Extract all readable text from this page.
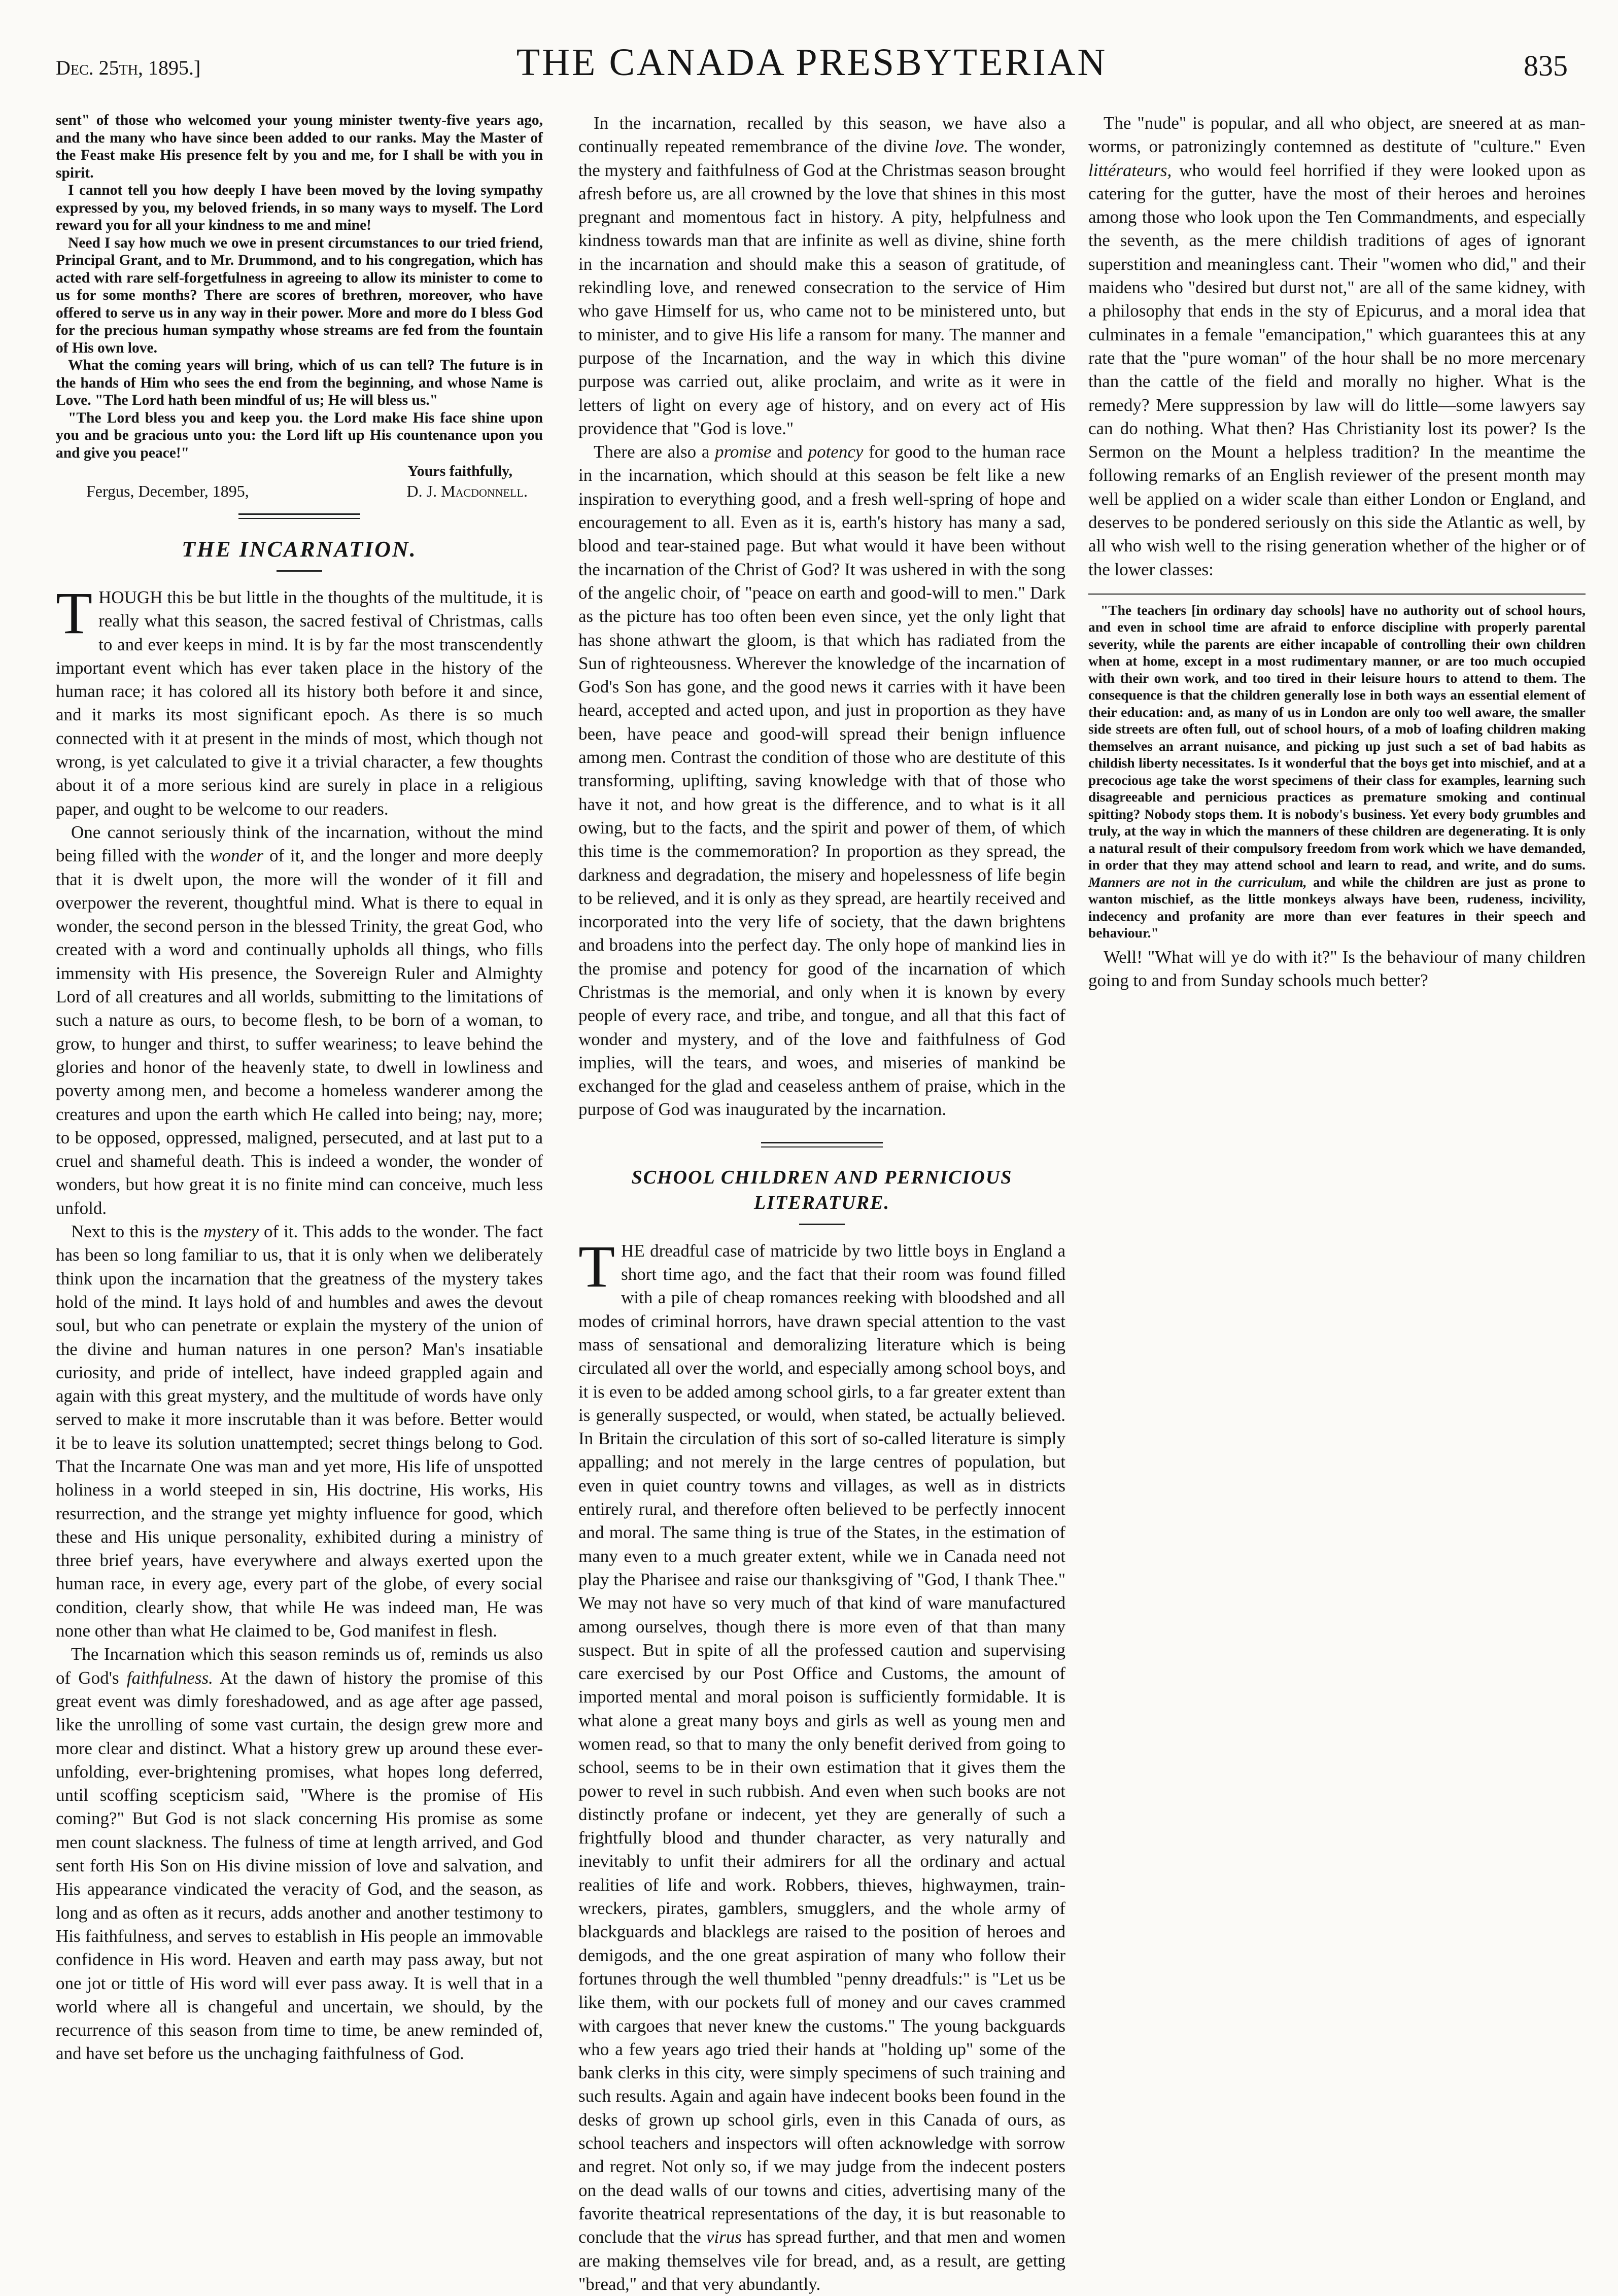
Dec. 25th, 1895.]	THE CANADA PRESBYTERIAN	835

sent" of those who welcomed your young minister twenty-five years ago, and the many who have since been added to our ranks. May the Master of the Feast make His presence felt by you and me, for I shall be with you in spirit.

I cannot tell you how deeply I have been moved by the loving sympathy expressed by you, my beloved friends, in so many ways to myself. The Lord reward you for all your kindness to me and mine!

Need I say how much we owe in present circumstances to our tried friend, Principal Grant, and to Mr. Drummond, and to his congregation, which has acted with rare self-forgetfulness in agreeing to allow its minister to come to us for some months? There are scores of brethren, moreover, who have offered to serve us in any way in their power. More and more do I bless God for the precious human sympathy whose streams are fed from the fountain of His own love.

What the coming years will bring, which of us can tell? The future is in the hands of Him who sees the end from the beginning, and whose Name is Love. "The Lord hath been mindful of us; He will bless us."

"The Lord bless you and keep you. the Lord make His face shine upon you and be gracious unto you: the Lord lift up His countenance upon you and give you peace!"

Yours faithfully,
Fergus, December, 1895,	D. J. Macdonnell.
THE INCARNATION.
THOUGH this be but little in the thoughts of the multitude, it is really what this season, the sacred festival of Christmas, calls to and ever keeps in mind. It is by far the most transcendently important event which has ever taken place in the history of the human race; it has colored all its history both before it and since, and it marks its most significant epoch. As there is so much connected with it at present in the minds of most, which though not wrong, is yet calculated to give it a trivial character, a few thoughts about it of a more serious kind are surely in place in a religious paper, and ought to be welcome to our readers.

One cannot seriously think of the incarnation, without the mind being filled with the wonder of it, and the longer and more deeply that it is dwelt upon, the more will the wonder of it fill and overpower the reverent, thoughtful mind. What is there to equal in wonder, the second person in the blessed Trinity, the great God, who created with a word and continually upholds all things, who fills immensity with His presence, the Sovereign Ruler and Almighty Lord of all creatures and all worlds, submitting to the limitations of such a nature as ours, to become flesh, to be born of a woman, to grow, to hunger and thirst, to suffer weariness; to leave behind the glories and honor of the heavenly state, to dwell in lowliness and poverty among men, and become a homeless wanderer among the creatures and upon the earth which He called into being; nay, more; to be opposed, oppressed, maligned, persecuted, and at last put to a cruel and shameful death. This is indeed a wonder, the wonder of wonders, but how great it is no finite mind can conceive, much less unfold.

Next to this is the mystery of it. This adds to the wonder. The fact has been so long familiar to us, that it is only when we deliberately think upon the incarnation that the greatness of the mystery takes hold of the mind. It lays hold of and humbles and awes the devout soul, but who can penetrate or explain the mystery of the union of the divine and human natures in one person? Man's insatiable curiosity, and pride of intellect, have indeed grappled again and again with this great mystery, and the multitude of words have only served to make it more inscrutable than it was before. Better would it be to leave its solution unattempted; secret things belong to God. That the Incarnate One was man and yet more, His life of unspotted holiness in a world steeped in sin, His doctrine, His works, His resurrection, and the strange yet mighty influence for good, which these and His unique personality, exhibited during a ministry of three brief years, have everywhere and always exerted upon the human race, in every age, every part of the globe, of every social condition, clearly show, that while He was indeed man, He was none other than what He claimed to be, God manifest in flesh.

The Incarnation which this season reminds us of, reminds us also of God's faithfulness. At the dawn of history the promise of this great event was dimly foreshadowed, and as age after age passed, like the unrolling of some vast curtain, the design grew more and more clear and distinct. What a history grew up around these ever-unfolding, ever-brightening promises, what hopes long deferred, until scoffing scepticism said, "Where is the promise of His coming?" But God is not slack concerning His promise as some men count slackness. The fulness of time at length arrived, and God sent forth His Son on His divine mission of love and salvation, and His appearance vindicated the veracity of God, and the season, as long and as often as it recurs, adds another and another testimony to His faithfulness, and serves to establish in His people an immovable confidence in His word. Heaven and earth may pass away, but not one jot or tittle of His word will ever pass away. It is well that in a world where all is changeful and uncertain, we should, by the recurrence of this season from time to time, be anew reminded of, and have set before us the unchaging faithfulness of God.

In the incarnation, recalled by this season, we have also a continually repeated remembrance of the divine love. The wonder, the mystery and faithfulness of God at the Christmas season brought afresh before us, are all crowned by the love that shines in this most pregnant and momentous fact in history. A pity, helpfulness and kindness towards man that are infinite as well as divine, shine forth in the incarnation and should make this a season of gratitude, of rekindling love, and renewed consecration to the service of Him who gave Himself for us, who came not to be ministered unto, but to minister, and to give His life a ransom for many. The manner and purpose of the Incarnation, and the way in which this divine purpose was carried out, alike proclaim, and write as it were in letters of light on every age of history, and on every act of His providence that "God is love."

There are also a promise and potency for good to the human race in the incarnation, which should at this season be felt like a new inspiration to everything good, and a fresh well-spring of hope and encouragement to all. Even as it is, earth's history has many a sad, blood and tear-stained page. But what would it have been without the incarnation of the Christ of God? It was ushered in with the song of the angelic choir, of "peace on earth and good-will to men." Dark as the picture has too often been even since, yet the only light that has shone athwart the gloom, is that which has radiated from the Sun of righteousness. Wherever the knowledge of the incarnation of God's Son has gone, and the good news it carries with it have been heard, accepted and acted upon, and just in proportion as they have been, have peace and good-will spread their benign influence among men. Contrast the condition of those who are destitute of this transforming, uplifting, saving knowledge with that of those who have it not, and how great is the difference, and to what is it all owing, but to the facts, and the spirit and power of them, of which this time is the commemoration? In proportion as they spread, the darkness and degradation, the misery and hopelessness of life begin to be relieved, and it is only as they spread, are heartily received and incorporated into the very life of society, that the dawn brightens and broadens into the perfect day. The only hope of mankind lies in the promise and potency for good of the incarnation of which Christmas is the memorial, and only when it is known by every people of every race, and tribe, and tongue, and all that this fact of wonder and mystery, and of the love and faithfulness of God implies, will the tears, and woes, and miseries of mankind be exchanged for the glad and ceaseless anthem of praise, which in the purpose of God was inaugurated by the incarnation.

SCHOOL CHILDREN AND PERNICIOUS LITERATURE.
THE dreadful case of matricide by two little boys in England a short time ago, and the fact that their room was found filled with a pile of cheap romances reeking with bloodshed and all modes of criminal horrors, have drawn special attention to the vast mass of sensational and demoralizing literature which is being circulated all over the world, and especially among school boys, and it is even to be added among school girls, to a far greater extent than is generally suspected, or would, when stated, be actually believed. In Britain the circulation of this sort of so-called literature is simply appalling; and not merely in the large centres of population, but even in quiet country towns and villages, as well as in districts entirely rural, and therefore often believed to be perfectly innocent and moral. The same thing is true of the States, in the estimation of many even to a much greater extent, while we in Canada need not play the Pharisee and raise our thanksgiving of "God, I thank Thee." We may not have so very much of that kind of ware manufactured among ourselves, though there is more even of that than many suspect. But in spite of all the professed caution and supervising care exercised by our Post Office and Customs, the amount of imported mental and moral poison is sufficiently formidable. It is what alone a great many boys and girls as well as young men and women read, so that to many the only benefit derived from going to school, seems to be in their own estimation that it gives them the power to revel in such rubbish. And even when such books are not distinctly profane or indecent, yet they are generally of such a frightfully blood and thunder character, as very naturally and inevitably to unfit their admirers for all the ordinary and actual realities of life and work. Robbers, thieves, highwaymen, train-wreckers, pirates, gamblers, smugglers, and the whole army of blackguards and blacklegs are raised to the position of heroes and demigods, and the one great aspiration of many who follow their fortunes through the well thumbled "penny dreadfuls:" is "Let us be like them, with our pockets full of money and our caves crammed with cargoes that never knew the customs." The young backguards who a few years ago tried their hands at "holding up" some of the bank clerks in this city, were simply specimens of such training and such results. Again and again have indecent books been found in the desks of grown up school girls, even in this Canada of ours, as school teachers and inspectors will often acknowledge with sorrow and regret. Not only so, if we may judge from the indecent posters on the dead walls of our towns and cities, advertising many of the favorite theatrical representations of the day, it is but reasonable to conclude that the virus has spread further, and that men and women are making themselves vile for bread, and, as a result, are getting "bread," and that very abundantly.

The "nude" is popular, and all who object, are sneered at as man-worms, or patronizingly contemned as destitute of "culture." Even littérateurs, who would feel horrified if they were looked upon as catering for the gutter, have the most of their heroes and heroines among those who look upon the Ten Commandments, and especially the seventh, as the mere childish traditions of ages of ignorant superstition and meaningless cant. Their "women who did," and their maidens who "desired but durst not," are all of the same kidney, with a philosophy that ends in the sty of Epicurus, and a moral idea that culminates in a female "emancipation," which guarantees this at any rate that the "pure woman" of the hour shall be no more mercenary than the cattle of the field and morally no higher. What is the remedy? Mere suppression by law will do little—some lawyers say can do nothing. What then? Has Christianity lost its power? Is the Sermon on the Mount a helpless tradition? In the meantime the following remarks of an English reviewer of the present month may well be applied on a wider scale than either London or England, and deserves to be pondered seriously on this side the Atlantic as well, by all who wish well to the rising generation whether of the higher or of the lower classes:

"The teachers [in ordinary day schools] have no authority out of school hours, and even in school time are afraid to enforce discipline with properly parental severity, while the parents are either incapable of controlling their own children when at home, except in a most rudimentary manner, or are too much occupied with their own work, and too tired in their leisure hours to attend to them. The consequence is that the children generally lose in both ways an essential element of their education: and, as many of us in London are only too well aware, the smaller side streets are often full, out of school hours, of a mob of loafing children making themselves an arrant nuisance, and picking up just such a set of bad habits as childish liberty necessitates. Is it wonderful that the boys get into mischief, and at a precocious age take the worst specimens of their class for examples, learning such disagreeable and pernicious practices as premature smoking and continual spitting? Nobody stops them. It is nobody's business. Yet every body grumbles and truly, at the way in which the manners of these children are degenerating. It is only a natural result of their compulsory freedom from work which we have demanded, in order that they may attend school and learn to read, and write, and do sums. Manners are not in the curriculum, and while the children are just as prone to wanton mischief, as the little monkeys always have been, rudeness, incivility, indecency and profanity are more than ever features in their speech and behaviour."

Well! "What will ye do with it?" Is the behaviour of many children going to and from Sunday schools much better?
